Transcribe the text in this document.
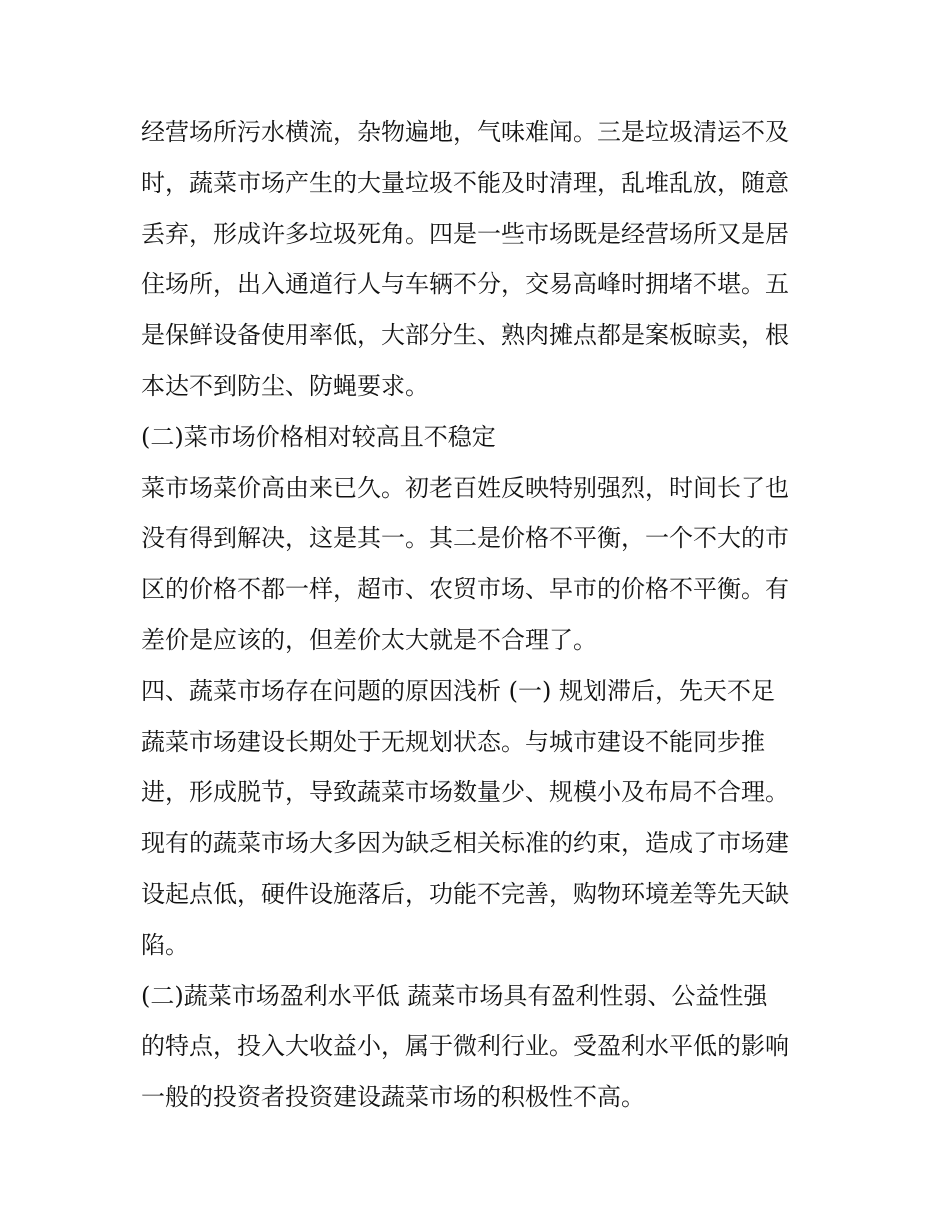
经营场所污水横流，杂物遍地，气味难闻。三是垃圾清运不及
时，蔬菜市场产生的大量垃圾不能及时清理，乱堆乱放，随意
丢弃，形成许多垃圾死角。四是一些市场既是经营场所又是居
住场所，出入通道行人与车辆不分，交易高峰时拥堵不堪。五
是保鲜设备使用率低，大部分生、熟肉摊点都是案板晾卖，根
本达不到防尘、防蝇要求。
(二)菜市场价格相对较高且不稳定
菜市场菜价高由来已久。初老百姓反映特别强烈，时间长了也
没有得到解决，这是其一。其二是价格不平衡，一个不大的市
区的价格不都一样，超市、农贸市场、早市的价格不平衡。有
差价是应该的，但差价太大就是不合理了。
四、蔬菜市场存在问题的原因浅析 (一) 规划滞后，先天不足
蔬菜市场建设长期处于无规划状态。与城市建设不能同步推
进，形成脱节，导致蔬菜市场数量少、规模小及布局不合理。
现有的蔬菜市场大多因为缺乏相关标准的约束，造成了市场建
设起点低，硬件设施落后，功能不完善，购物环境差等先天缺
陷。
(二)蔬菜市场盈利水平低 蔬菜市场具有盈利性弱、公益性强
的特点，投入大收益小，属于微利行业。受盈利水平低的影响
一般的投资者投资建设蔬菜市场的积极性不高。
